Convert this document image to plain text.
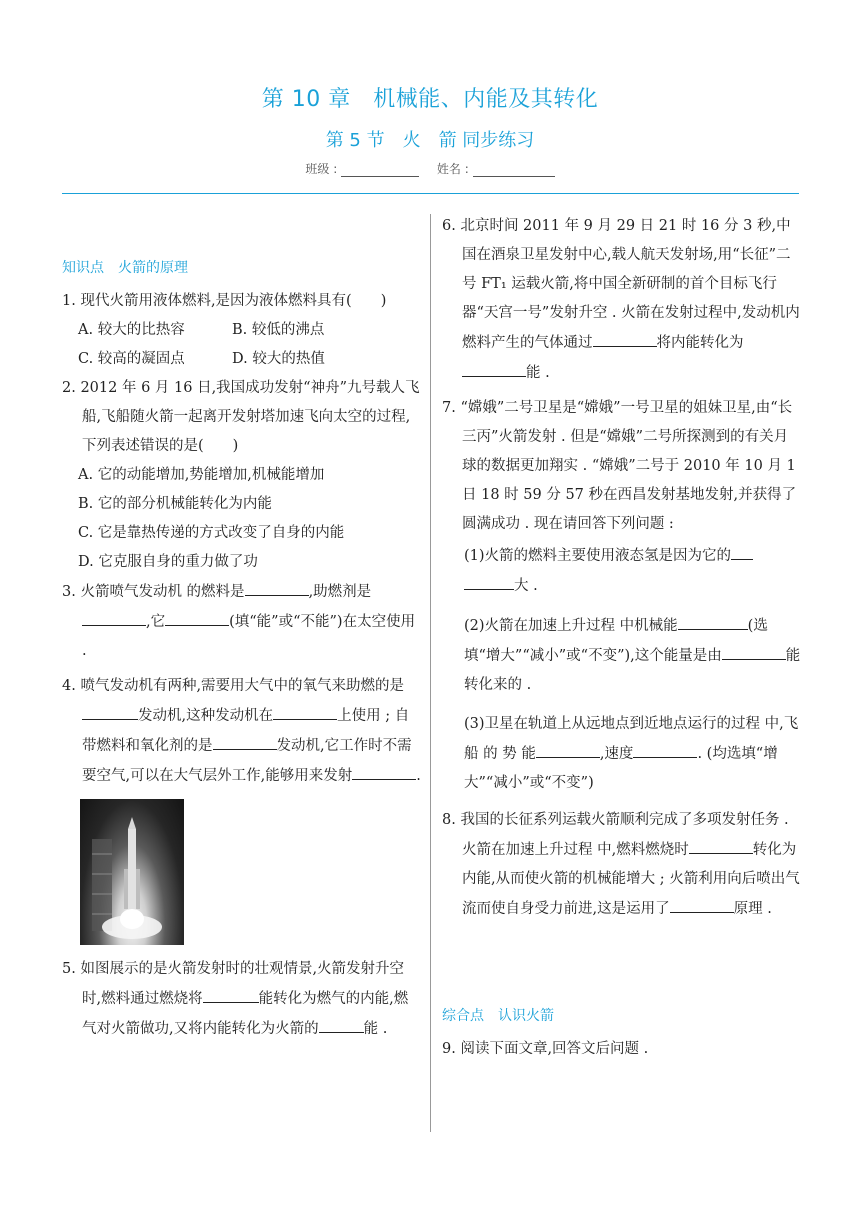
第 10 章　机械能、内能及其转化
第 5 节　火　箭 同步练习
班级 :	姓名 :

知识点　火箭的原理

1. 现代火箭用液体燃料,是因为液体燃料具有(　　)

A. 较大的比热容	B. 较低的沸点
C. 较高的凝固点	D. 较大的热值

2. 2012 年 6 月 16 日,我国成功发射“神舟”九号载人飞船,飞船随火箭一起离开发射塔加速飞向太空的过程,下列表述错误的是(　　)

A. 它的动能增加,势能增加,机械能增加

B. 它的部分机械能转化为内能

C. 它是靠热传递的方式改变了自身的内能

D. 它克服自身的重力做了功

3. 火箭喷气发动机 的燃料是	,助燃剂是,它	(填“能”或“不能”)在太空使用 .

4. 喷气发动机有两种,需要用大气中的氧气来助燃的是发动机,这种发动机在	上使用 ; 自带燃料和氧化剂的是	发动机,它工作时不需要空气,可以在大气层外工作,能够用来发射	.

5. 如图展示的是火箭发射时的壮观情景,火箭发射升空时,燃料通过燃烧将	能转化为燃气的内能,燃气对火箭做功,又将内能转化为火箭的	能 .

6. 北京时间 2011 年 9 月 29 日 21 时 16 分 3 秒,中国在酒泉卫星发射中心,载人航天发射场,用“长征”二号 FT₁ 运载火箭,将中国全新研制的首个目标飞行器“天宫一号”发射升空 . 火箭在发射过程中,发动机内燃料产生的气体通过	将内能转化为能 .

7. “嫦娥”二号卫星是“嫦娥”一号卫星的姐妹卫星,由“长三丙”火箭发射 . 但是“嫦娥”二号所探测到的有关月球的数据更加翔实 . “嫦娥”二号于 2010 年 10 月 1 日 18 时 59 分 57 秒在西昌发射基地发射,并获得了圆满成功 . 现在请回答下列问题 :

(1)火箭的燃料主要使用液态氢是因为它的
大 .

(2)火箭在加速上升过程 中机械能	(选填“增大”“减小”或“不变”),这个能量是由	能转化来的 .

(3)卫星在轨道上从远地点到近地点运行的过程 中,飞船 的 势 能	,速度	. (均选填“增大”“减小”或“不变”)

8. 我国的长征系列运载火箭顺利完成了多项发射任务 . 火箭在加速上升过程 中,燃料燃烧时	转化为内能,从而使火箭的机械能增大 ; 火箭利用向后喷出气流而使自身受力前进,这是运用了	原理 .

综合点　认识火箭

9. 阅读下面文章,回答文后问题 .
